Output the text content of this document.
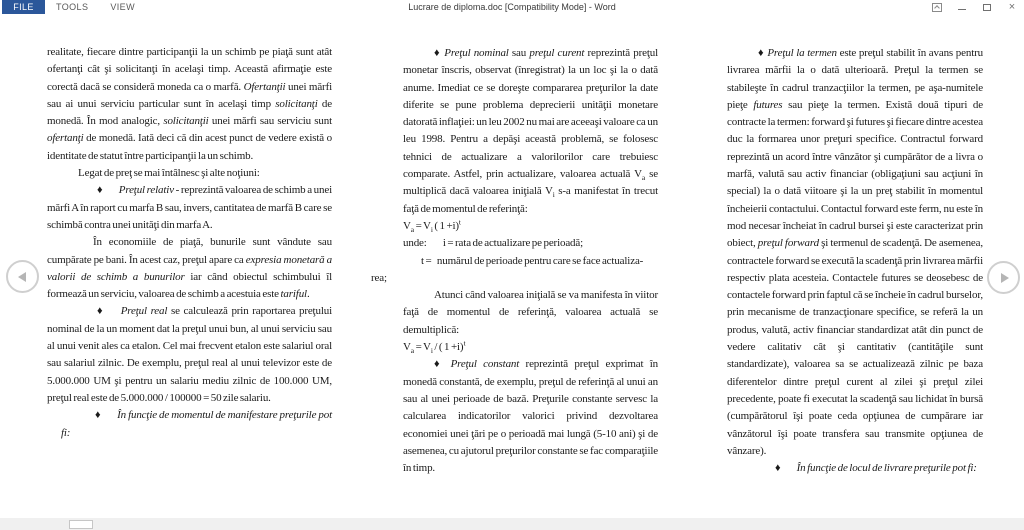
FILE	TOOLS	VIEW	Lucrare de diploma.doc [Compatibility Mode] - Word	×

realitate, fiecare dintre participanţii la un schimb pe piaţă sunt atât ofertanţi cât şi solicitanţi în acelaşi timp. Această afirmaţie este corectă dacă se consideră moneda ca o marfă. Ofertanţii unei mărfi sau ai unui serviciu particular sunt în acelaşi timp solicitanţi de monedă. În mod analogic, solicitanţii unei mărfi sau serviciu sunt ofertanţi de monedă. Iată deci că din acest punct de vedere există o identitate de statut între participanţii la un schimb.

Legat de preţ se mai întâlnesc şi alte noţiuni:

♦  Preţul relativ - reprezintă valoarea de schimb a unei mărfi A în raport cu marfa B sau, invers, cantitatea de marfă B care se schimbă contra unei unităţi din marfa A.

În economiile de piaţă, bunurile sunt vândute sau cumpărate pe bani. În acest caz, preţul apare ca expresia monetară a valorii de schimb a bunurilor iar când obiectul schimbului îl formează un serviciu, valoarea de schimb a acestuia este tariful.

♦  Preţul real se calculează prin raportarea preţului nominal de la un moment dat la preţul unui bun, al unui serviciu sau al unui venit ales ca etalon. Cel mai frecvent etalon este salariul oral sau salariul zilnic. De exemplu, preţul real al unui televizor este de 5.000.000 UM şi pentru un salariu mediu zilnic de 100.000 UM, preţul real este de 5.000.000 / 100000 = 50 zile salariu.

♦  În funcţie de momentul de manifestare preţurile pot fi:

♦ Preţul nominal sau preţul curent reprezintă preţul monetar înscris, observat (înregistrat) la un loc şi la o dată anume. Imediat ce se doreşte compararea preţurilor la date diferite se pune problema deprecierii unităţii monetare datorată inflaţiei: un leu 2002 nu mai are aceeaşi valoare ca un leu 1998. Pentru a depăşi această problemă, se folosesc tehnici de actualizare a valorilorilor care trebuiesc comparate. Astfel, prin actualizare, valoarea actuală $V_a$ se multiplică dacă valoarea iniţială $V_i$ s-a manifestat în trecut faţă de momentul de referinţă:

$V_a = V_i$ ( 1 +i)$^t$

unde:  i = rata de actualizare pe perioadă;

t = numărul de perioade pentru care se face actualiza-
rea;

Atunci când valoarea iniţială se va manifesta în viitor faţă de momentul de referinţă, valoarea actuală se demultiplică:

$V_a = V_i$ / ( 1 +i)$^t$

♦ Preţul constant reprezintă preţul exprimat în monedă constantă, de exemplu, preţul de referinţă al unui an sau al unei perioade de bază. Preţurile constante servesc la calcularea indicatorilor valorici privind dezvoltarea economiei unei ţări pe o perioadă mai lungă (5-10 ani) şi de asemenea, cu ajutorul preţurilor constante se fac comparaţiile în timp.

♦ Preţul la termen este preţul stabilit în avans pentru livrarea mărfii la o dată ulterioară. Preţul la termen se stabileşte în cadrul tranzacţiilor la termen, pe aşa-numitele pieţe futures sau pieţe la termen. Există două tipuri de contracte la termen: forward şi futures şi fiecare dintre acestea duc la formarea unor preţuri specifice. Contractul forward reprezintă un acord între vânzător şi cumpărător de a livra o marfă, valută sau activ financiar (obligaţiuni sau acţiuni în special) la o dată viitoare şi la un preţ stabilit în momentul încheierii contactului. Contactul forward este ferm, nu este în mod necesar încheiat în cadrul bursei şi este caracterizat prin obiect, preţul forward şi termenul de scadenţă. De asemenea, contractele forward se execută la scadenţă prin livrarea mărfii respectiv plata acesteia. Contactele futures se deosebesc de contactele forward prin faptul că se încheie în cadrul burselor, prin mecanisme de tranzacţionare specifice, se referă la un produs, valută, activ financiar standardizat atât din punct de vedere calitativ cât şi cantitativ (cantităţile sunt standardizate), valoarea sa se actualizează zilnic pe baza diferentelor dintre preţul curent al zilei şi preţul zilei precedente, poate fi executat la scadenţă sau lichidat în bursă (cumpărătorul îşi poate ceda opţiunea de cumpărare iar vânzătorul îşi poate transfera sau transmite opţiunea de vânzare).

♦  În funcţie de locul de livrare preţurile pot fi:
